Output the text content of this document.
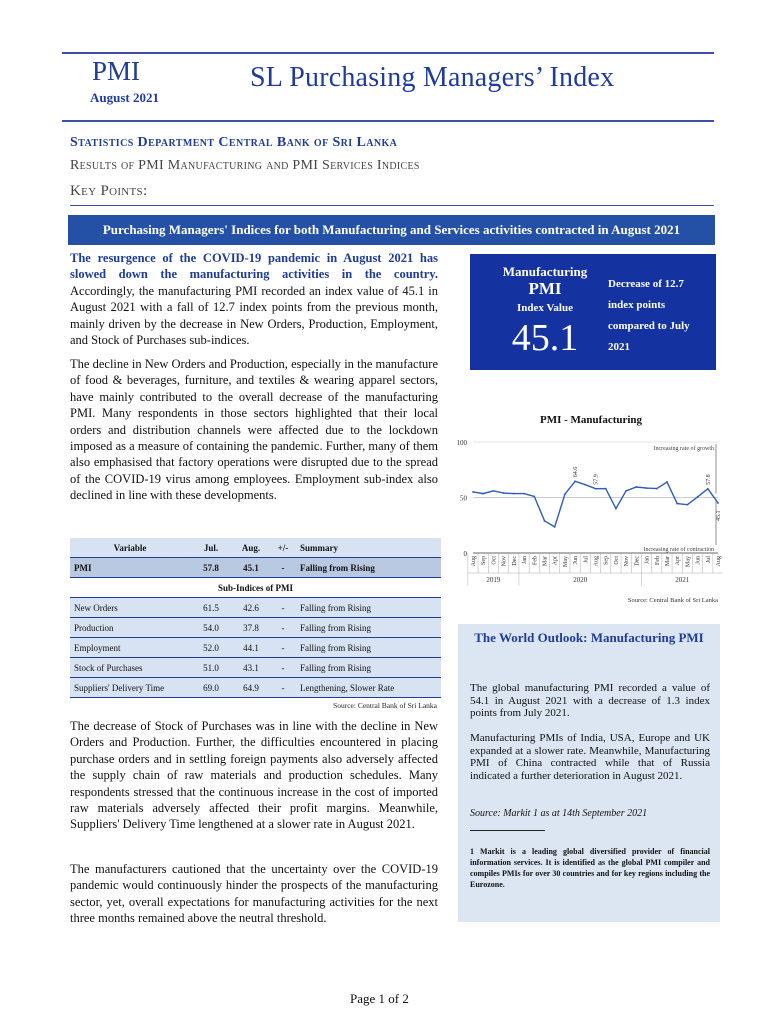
PMI
August 2021
SL Purchasing Managers’ Index
Statistics Department Central Bank of Sri Lanka
Results of PMI Manufacturing and PMI Services Indices
Key Points:
Purchasing Managers' Indices for both Manufacturing and Services activities contracted in August 2021
The resurgence of the COVID-19 pandemic in August 2021 has slowed down the manufacturing activities in the country. Accordingly, the manufacturing PMI recorded an index value of 45.1 in August 2021 with a fall of 12.7 index points from the previous month, mainly driven by the decrease in New Orders, Production, Employment, and Stock of Purchases sub-indices.
The decline in New Orders and Production, especially in the manufacture of food & beverages, furniture, and textiles & wearing apparel sectors, have mainly contributed to the overall decrease of the manufacturing PMI. Many respondents in those sectors highlighted that their local orders and distribution channels were affected due to the lockdown imposed as a measure of containing the pandemic. Further, many of them also emphasised that factory operations were disrupted due to the spread of the COVID-19 virus among employees. Employment sub-index also declined in line with these developments.
Variable	Jul.	Aug.	+/-	Summary
PMI	57.8	45.1	-	Falling from Rising
Sub-Indices of PMI				
New Orders	61.5	42.6	-	Falling from Rising
Production	54.0	37.8	-	Falling from Rising
Employment	52.0	44.1	-	Falling from Rising
Stock of Purchases	51.0	43.1	-	Falling from Rising
Suppliers' Delivery Time	69.0	64.9	-	Lengthening, Slower Rate
Source: Central Bank of Sri Lanka				
The decrease of Stock of Purchases was in line with the decline in New Orders and Production. Further, the difficulties encountered in placing purchase orders and in settling foreign payments also adversely affected the supply chain of raw materials and production schedules. Many respondents stressed that the continuous increase in the cost of imported raw materials adversely affected their profit margins. Meanwhile, Suppliers' Delivery Time lengthened at a slower rate in August 2021.
The manufacturers cautioned that the uncertainty over the COVID-19 pandemic would continuously hinder the prospects of the manufacturing sector, yet, overall expectations for manufacturing activities for the next three months remained above the neutral threshold.
Manufacturing
PMI
Index Value
45.1
Decrease of 12.7 index points compared to July 2021
PMI - Manufacturing
0
50
100
Increasing rate of growth
Increasing rate of contraction
64.6
57.9	57.8
45.1
Aug Sep Oct Nov Dec Jan Feb Mar Apr May Jun Jul Aug Sep Oct Nov Dec Jan Feb Mar Apr May Jun Jul Aug
2019	2020	2021
Source: Central Bank of Sri Lanka
The World Outlook: Manufacturing PMI
The global manufacturing PMI recorded a value of 54.1 in August 2021 with a decrease of 1.3 index points from July 2021.
Manufacturing PMIs of India, USA, Europe and UK expanded at a slower rate. Meanwhile, Manufacturing PMI of China contracted while that of Russia indicated a further deterioration in August 2021.
Source: Markit 1 as at 14th September 2021
1 Markit is a leading global diversified provider of financial information services. It is identified as the global PMI compiler and compiles PMIs for over 30 countries and for key regions including the Eurozone.
Page 1 of 2
